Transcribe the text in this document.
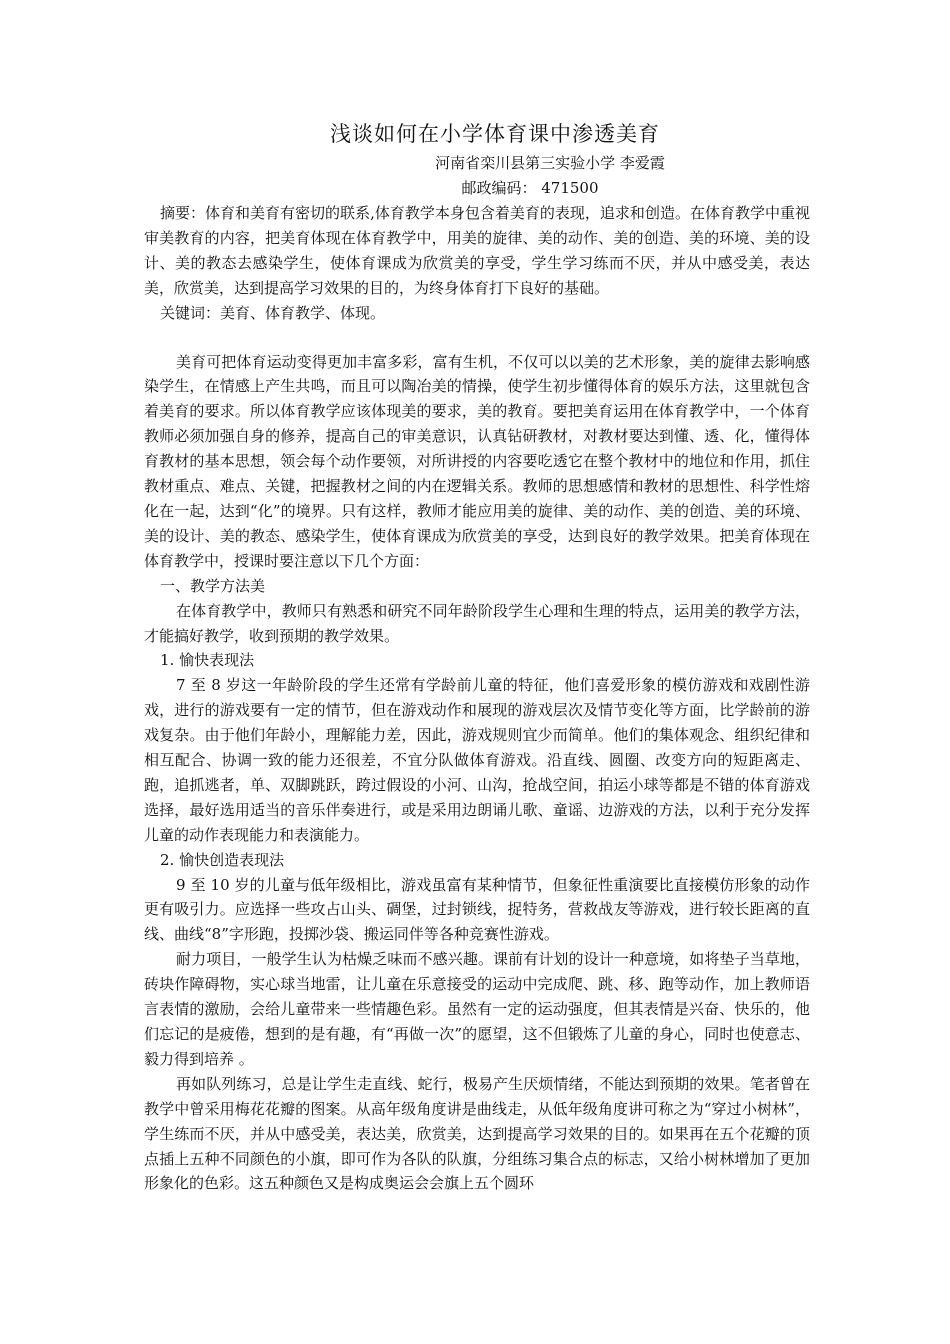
浅谈如何在小学体育课中渗透美育
河南省栾川县第三实验小学 李爱霞
邮政编码： 471500

摘要：体育和美育有密切的联系,体育教学本身包含着美育的表现，追求和创造。在体育教学中重视审美教育的内容，把美育体现在体育教学中，用美的旋律、美的动作、美的创造、美的环境、美的设计、美的教态去感染学生，使体育课成为欣赏美的享受，学生学习练而不厌，并从中感受美，表达美，欣赏美，达到提高学习效果的目的，为终身体育打下良好的基础。

关键词：美育、体育教学、体现。

美育可把体育运动变得更加丰富多彩，富有生机，不仅可以以美的艺术形象，美的旋律去影响感染学生，在情感上产生共鸣，而且可以陶冶美的情操，使学生初步懂得体育的娱乐方法，这里就包含着美育的要求。所以体育教学应该体现美的要求，美的教育。要把美育运用在体育教学中，一个体育教师必须加强自身的修养，提高自己的审美意识，认真钻研教材，对教材要达到懂、透、化，懂得体育教材的基本思想，领会每个动作要领，对所讲授的内容要吃透它在整个教材中的地位和作用，抓住教材重点、难点、关键，把握教材之间的内在逻辑关系。教师的思想感情和教材的思想性、科学性熔化在一起，达到“化”的境界。只有这样，教师才能应用美的旋律、美的动作、美的创造、美的环境、美的设计、美的教态、感染学生，使体育课成为欣赏美的享受，达到良好的教学效果。把美育体现在体育教学中，授课时要注意以下几个方面：

一、教学方法美

在体育教学中，教师只有熟悉和研究不同年龄阶段学生心理和生理的特点，运用美的教学方法，才能搞好教学，收到预期的教学效果。

1. 愉快表现法

7 至 8 岁这一年龄阶段的学生还常有学龄前儿童的特征，他们喜爱形象的模仿游戏和戏剧性游戏，进行的游戏要有一定的情节，但在游戏动作和展现的游戏层次及情节变化等方面，比学龄前的游戏复杂。由于他们年龄小，理解能力差，因此，游戏规则宜少而简单。他们的集体观念、组织纪律和相互配合、协调一致的能力还很差，不宜分队做体育游戏。沿直线、圆圈、改变方向的短距离走、跑，追抓逃者，单、双脚跳跃，跨过假设的小河、山沟，抢战空间，拍运小球等都是不错的体育游戏选择，最好选用适当的音乐伴奏进行，或是采用边朗诵儿歌、童谣、边游戏的方法，以利于充分发挥儿童的动作表现能力和表演能力。

2. 愉快创造表现法

9 至 10 岁的儿童与低年级相比，游戏虽富有某种情节，但象征性重演要比直接模仿形象的动作更有吸引力。应选择一些攻占山头、碉堡，过封锁线，捉特务，营救战友等游戏，进行较长距离的直线、曲线“8”字形跑，投掷沙袋、搬运同伴等各种竞赛性游戏。

耐力项目，一般学生认为枯燥乏味而不感兴趣。课前有计划的设计一种意境，如将垫子当草地，砖块作障碍物，实心球当地雷，让儿童在乐意接受的运动中完成爬、跳、移、跑等动作，加上教师语言表情的激励，会给儿童带来一些情趣色彩。虽然有一定的运动强度，但其表情是兴奋、快乐的，他们忘记的是疲倦，想到的是有趣，有“再做一次”的愿望，这不但锻炼了儿童的身心，同时也使意志、毅力得到培养 。

再如队列练习，总是让学生走直线、蛇行，极易产生厌烦情绪，不能达到预期的效果。笔者曾在教学中曾采用梅花花瓣的图案。从高年级角度讲是曲线走，从低年级角度讲可称之为“穿过小树林”，学生练而不厌，并从中感受美，表达美，欣赏美，达到提高学习效果的目的。如果再在五个花瓣的顶点插上五种不同颜色的小旗，即可作为各队的队旗，分组练习集合点的标志，又给小树林增加了更加形象化的色彩。这五种颜色又是构成奥运会会旗上五个圆环
